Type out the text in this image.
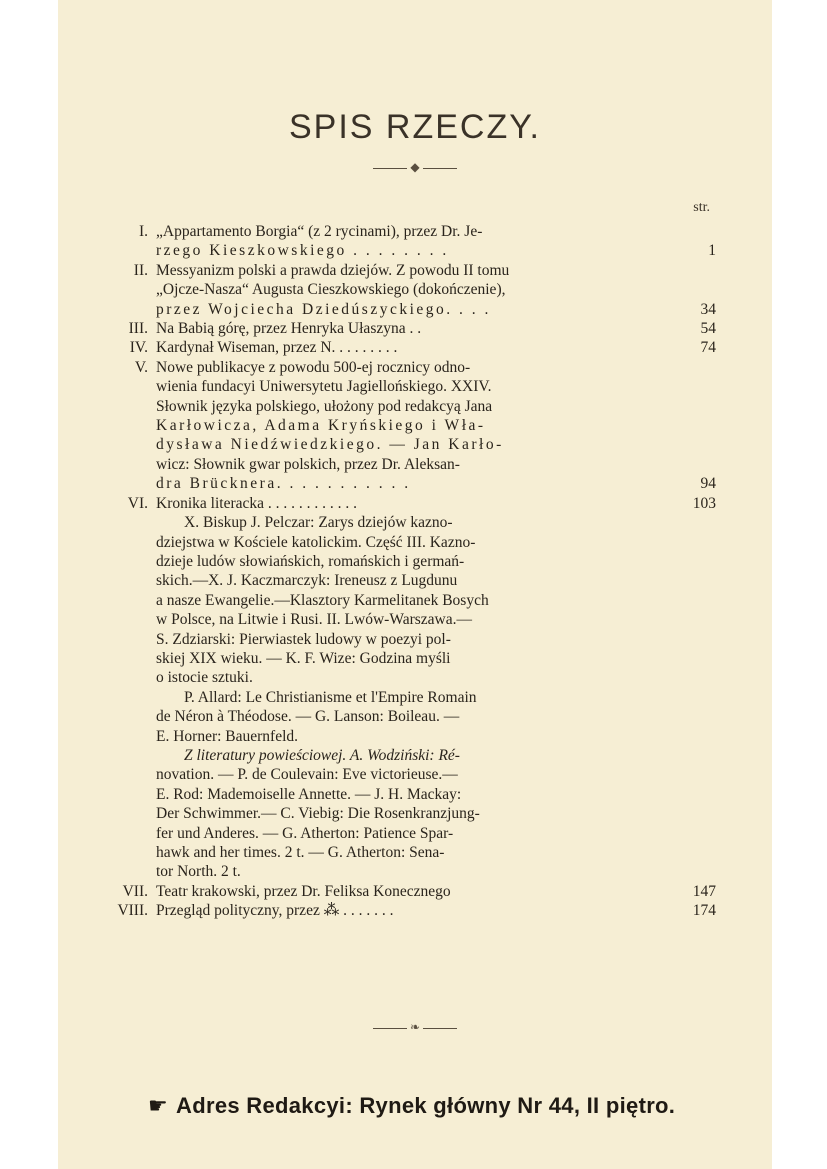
SPIS RZECZY.
◆
str.
I. „Appartamento Borgia“ (z 2 rycinami), przez Dr. Je-
rzego Kieszkowskiego . . . . . . . .	1
II. Messyanizm polski a prawda dziejów. Z powodu II tomu
„Ojcze-Nasza“ Augusta Cieszkowskiego (dokończenie),
przez Wojciecha Dziedúszyckiego. . . .	34
III. Na Babią górę, przez Henryka Ułaszyna . .	54
IV. Kardynał Wiseman, przez N. . . . . . . . .	74
V. Nowe publikacye z powodu 500-ej rocznicy odno-
wienia fundacyi Uniwersytetu Jagiellońskiego. XXIV.
Słownik języka polskiego, ułożony pod redakcyą Jana
Karłowicza, Adama Kryńskiego i Wła-
dysława Niedźwiedzkiego. — Jan Karło-
wicz: Słownik gwar polskich, przez Dr. Aleksan-
dra Brücknera. . . . . . . . . . .	94
VI. Kronika literacka . . . . . . . . . . . .	103
X. Biskup J. Pelczar: Zarys dziejów kazno-
dziejstwa w Kościele katolickim. Część III. Kazno-
dzieje ludów słowiańskich, romańskich i germań-
skich.—X. J. Kaczmarczyk: Ireneusz z Lugdunu
a nasze Ewangelie.—Klasztory Karmelitanek Bosych
w Polsce, na Litwie i Rusi. II. Lwów-Warszawa.—
S. Zdziarski: Pierwiastek ludowy w poezyi pol-
skiej XIX wieku. — K. F. Wize: Godzina myśli
o istocie sztuki.
P. Allard: Le Christianisme et l'Empire Romain
de Néron à Théodose. — G. Lanson: Boileau. —
E. Horner: Bauernfeld.
Z literatury powieściowej. A. Wodziński: Ré-
novation. — P. de Coulevain: Eve victorieuse.—
E. Rod: Mademoiselle Annette. — J. H. Mackay:
Der Schwimmer.— C. Viebig: Die Rosenkranzjung-
fer und Anderes. — G. Atherton: Patience Spar-
hawk and her times. 2 t. — G. Atherton: Sena-
tor North. 2 t.
VII. Teatr krakowski, przez Dr. Feliksa Konecznego	147
VIII. Przegląd polityczny, przez ⁂ . . . . . . .	174
❧
☛ Adres Redakcyi: Rynek główny Nr 44, II piętro.
